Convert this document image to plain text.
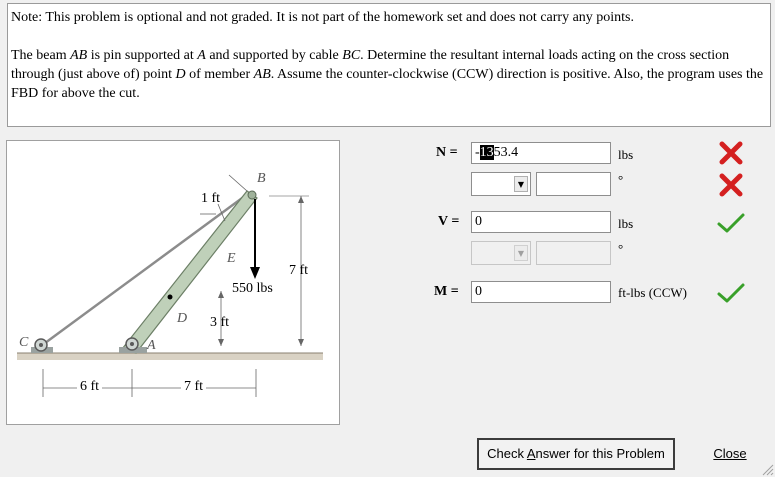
Note: This problem is optional and not graded. It is not part of the homework set and does not carry any points.

The beam AB is pin supported at A and supported by cable BC. Determine the resultant internal loads acting on the cross section through (just above of) point D of member AB. Assume the counter-clockwise (CCW) direction is positive. Also, the program uses the FBD for above the cut.

B
E
D
A
C
1 ft
7 ft
550 lbs
3 ft
6 ft	7 ft
N = -1353.4	lbs
▼	°
V = 0	lbs
▼	°
M = 0	ft-lbs (CCW)
Check Answer for this Problem	Close
